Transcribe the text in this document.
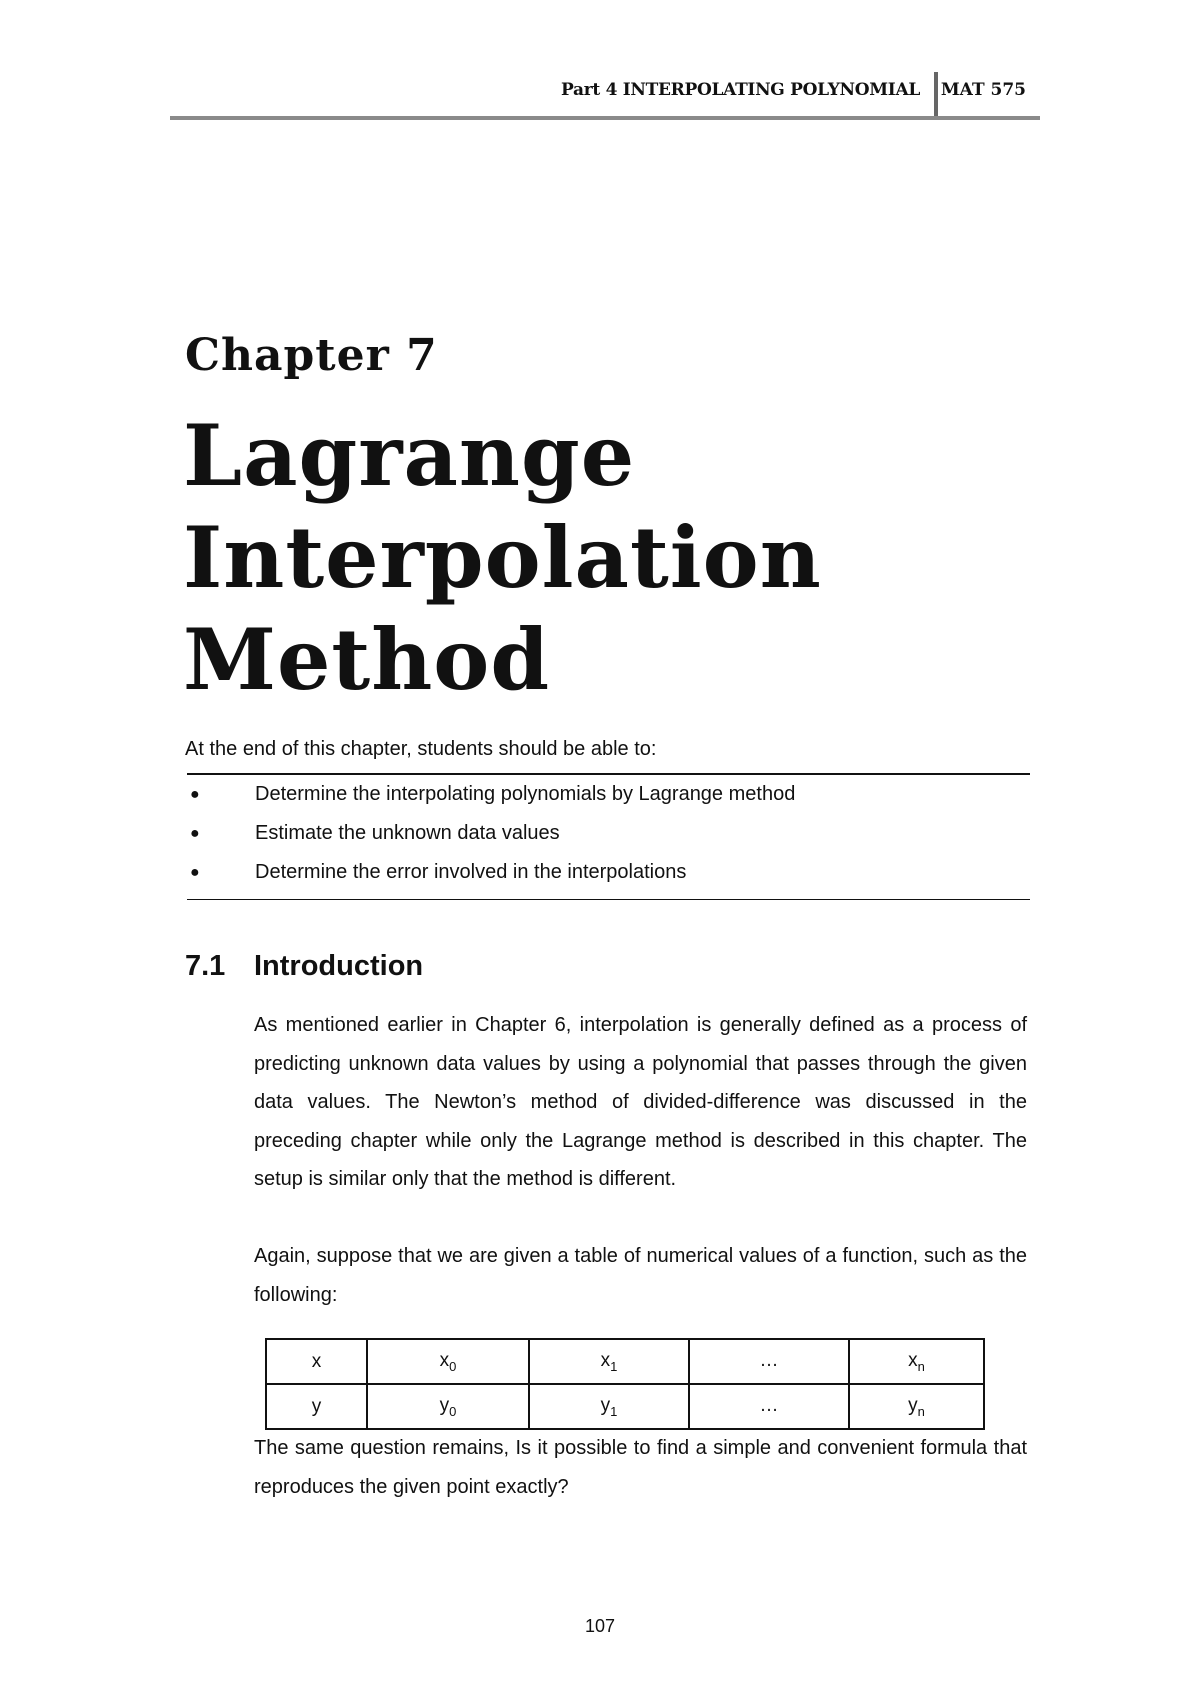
Part 4 INTERPOLATING POLYNOMIAL MAT 575
Chapter 7
Lagrange
Interpolation
Method
At the end of this chapter, students should be able to:
●	Determine the interpolating polynomials by Lagrange method
●	Estimate the unknown data values
●	Determine the error involved in the interpolations
7.1 Introduction

As mentioned earlier in Chapter 6, interpolation is generally defined as a process of predicting unknown data values by using a polynomial that passes through the given data values. The Newton’s method of divided-difference was discussed in the preceding chapter while only the Lagrange method is described in this chapter. The setup is similar only that the method is different.

Again, suppose that we are given a table of numerical values of a function, such as the following:

x	$x_0$	$x_1$	…	$x_n$
y	$y_0$	$y_1$	…	$y_n$

The same question remains, Is it possible to find a simple and convenient formula that reproduces the given point exactly?

107
